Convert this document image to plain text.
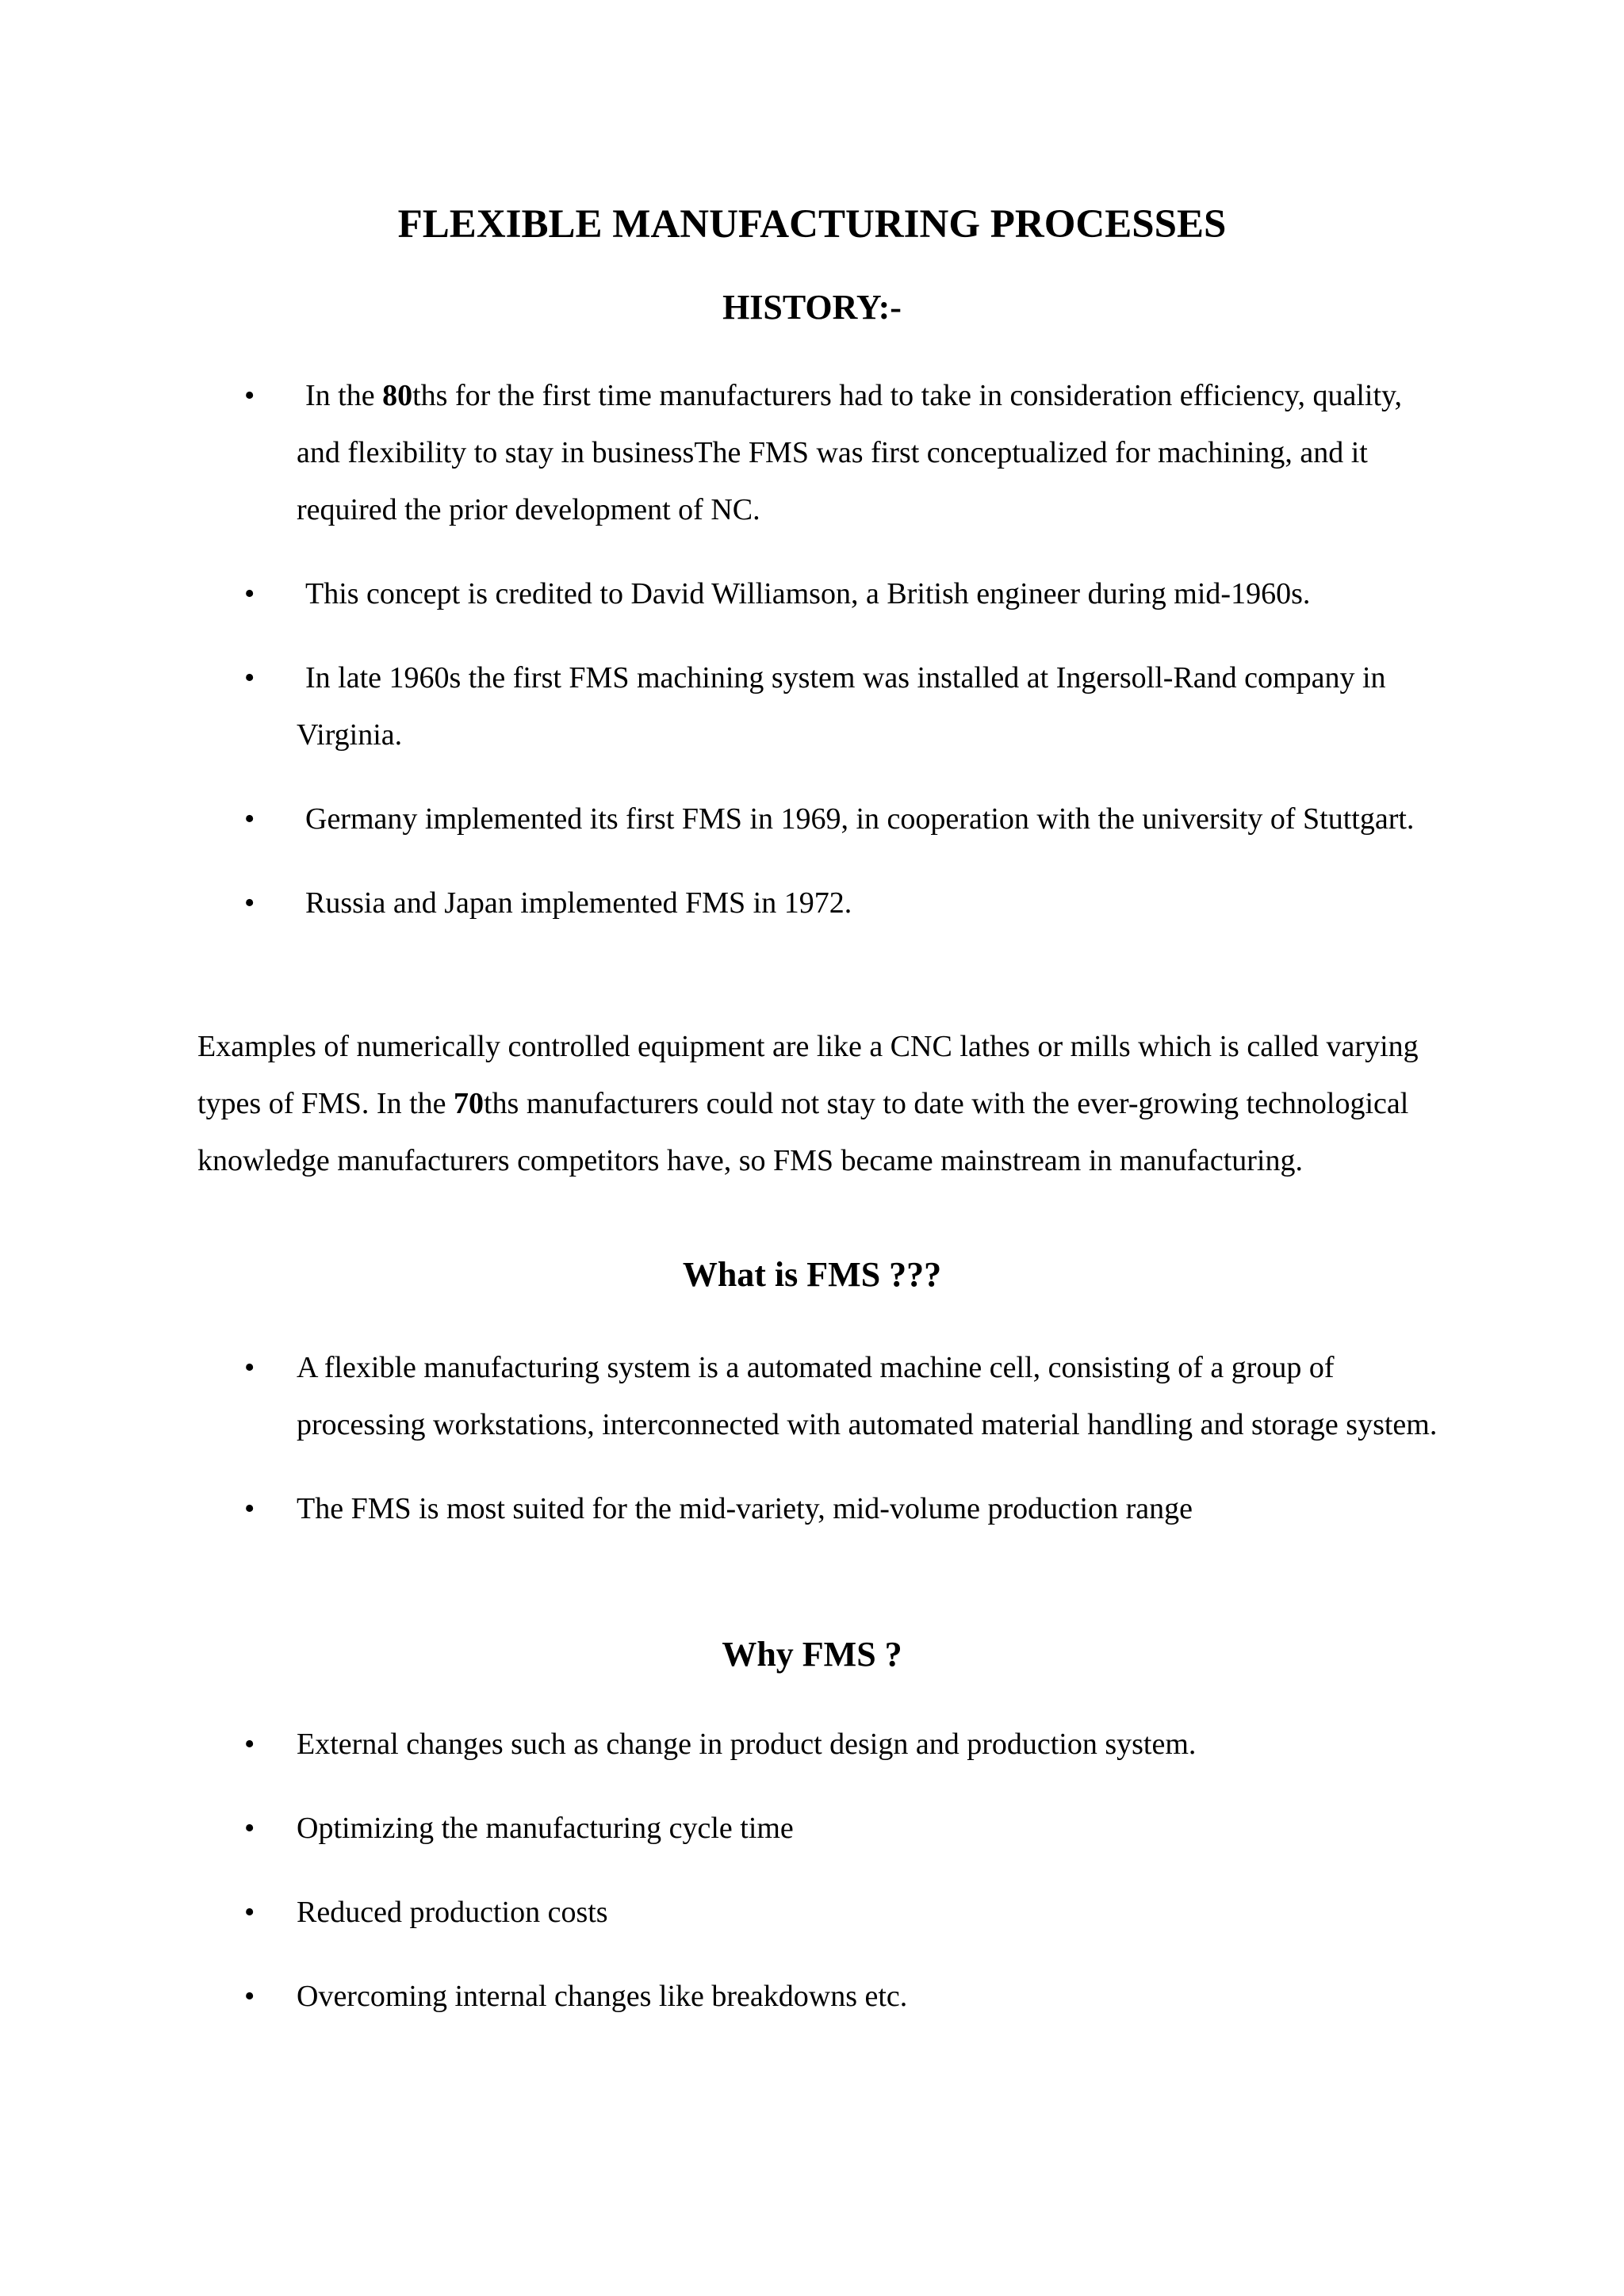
FLEXIBLE MANUFACTURING PROCESSES
HISTORY:-
• In the 80ths for the first time manufacturers had to take in consideration efficiency, quality, and flexibility to stay in businessThe FMS was first conceptualized for machining, and it required the prior development of NC.
• This concept is credited to David Williamson, a British engineer during mid-1960s.
• In late 1960s the first FMS machining system was installed at Ingersoll-Rand company in Virginia.
• Germany implemented its first FMS in 1969, in cooperation with the university of Stuttgart.
• Russia and Japan implemented FMS in 1972.

Examples of numerically controlled equipment are like a CNC lathes or mills which is called varying types of FMS. In the 70ths manufacturers could not stay to date with the ever-growing technological knowledge manufacturers competitors have, so FMS became mainstream in manufacturing.

What is FMS ???
• A flexible manufacturing system is a automated machine cell, consisting of a group of processing workstations, interconnected with automated material handling and storage system.
• The FMS is most suited for the mid-variety, mid-volume production range
Why FMS ?
• External changes such as change in product design and production system.
• Optimizing the manufacturing cycle time
• Reduced production costs
• Overcoming internal changes like breakdowns etc.
